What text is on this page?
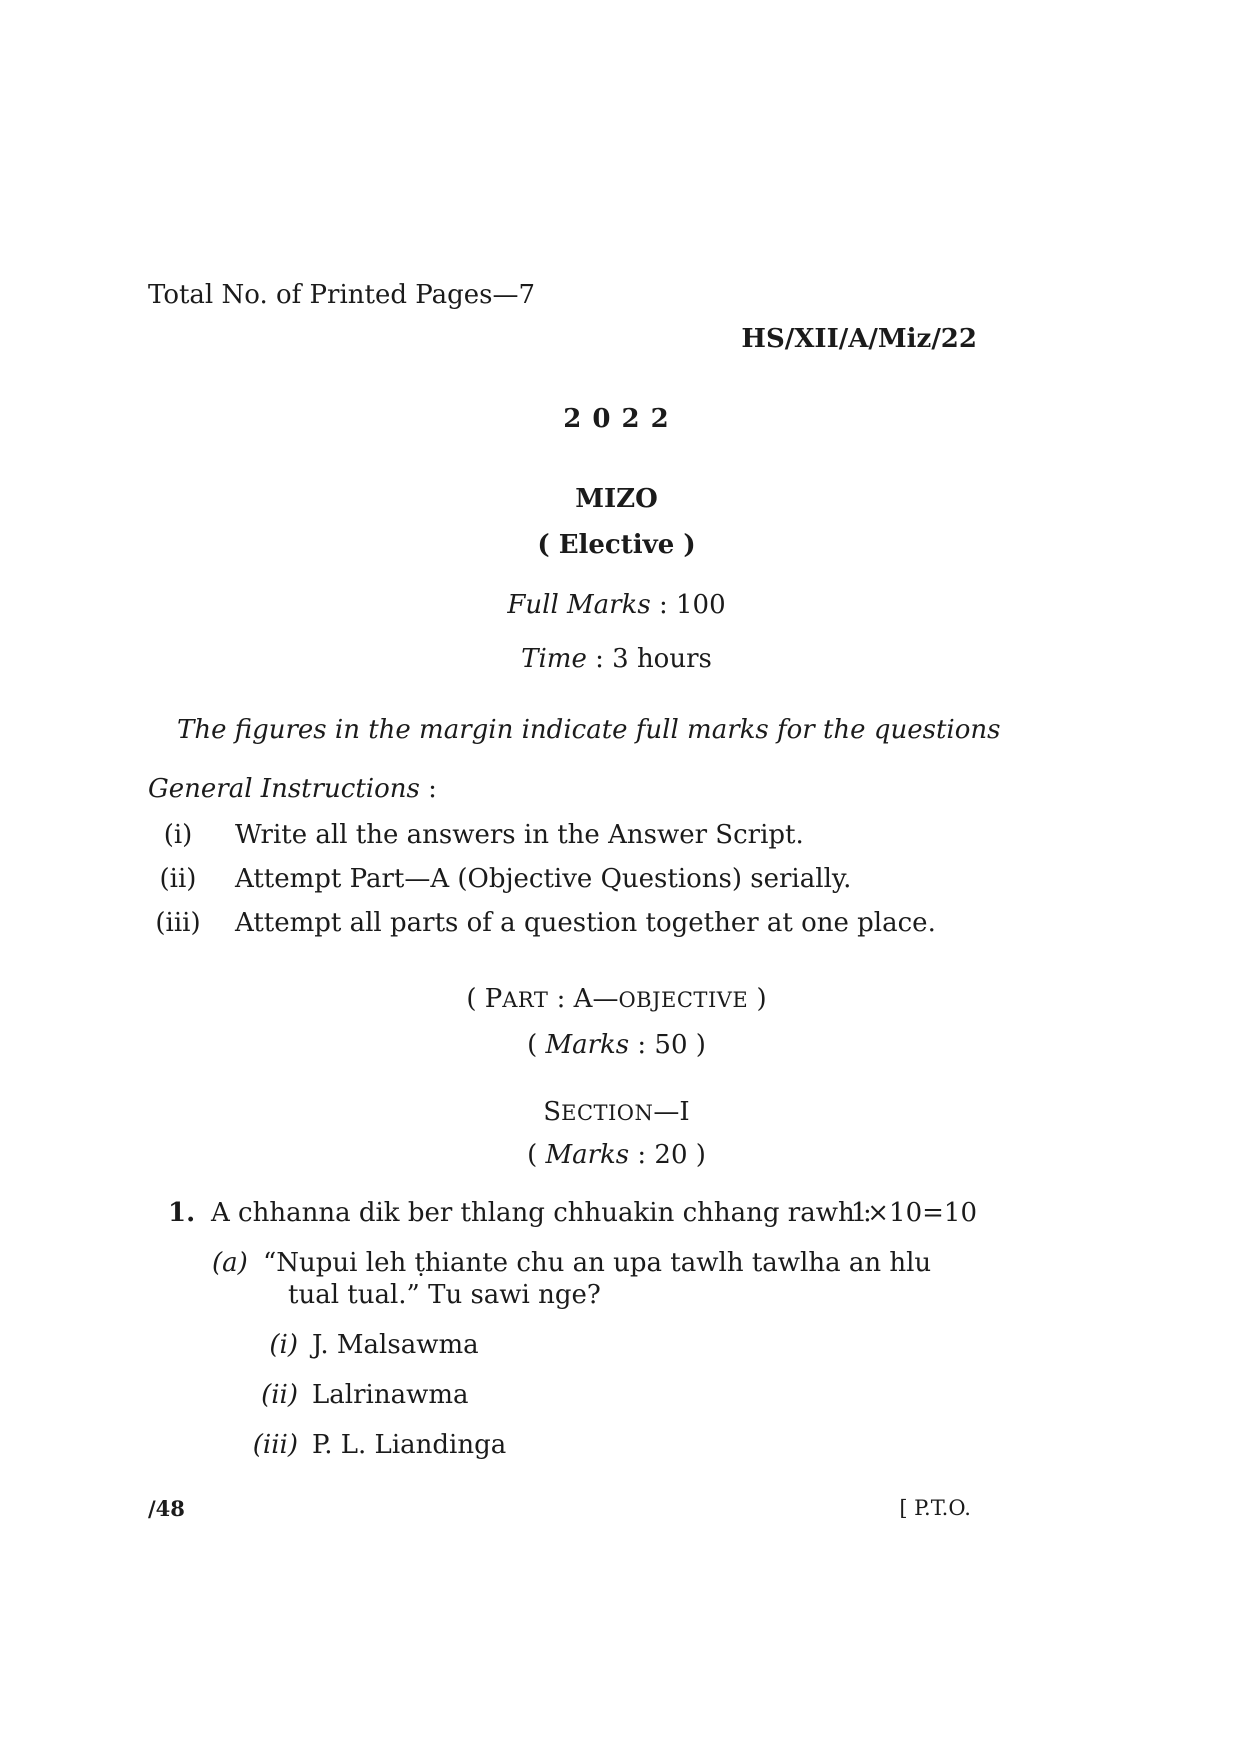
Total No. of Printed Pages—7
HS/XII/A/Miz/22
2 0 2 2
MIZO
( Elective )
Full Marks : 100
Time : 3 hours
The figures in the margin indicate full marks for the questions
General Instructions :
(i)	Write all the answers in the Answer Script.
(ii)	Attempt Part—A (Objective Questions) serially.
(iii) Attempt all parts of a question together at one place.
( PART : A—OBJECTIVE )
( Marks : 50 )
SECTION—I
( Marks : 20 )
1. A chhanna dik ber thlang chhuakin chhang rawh :
1×10=10
(a) “Nupui leh ṭhiante chu an upa tawlh tawlha an hlu
tual tual.” Tu sawi nge?
(i) J. Malsawma
(ii) Lalrinawma
(iii) P. L. Liandinga
/48	[ P.T.O.
